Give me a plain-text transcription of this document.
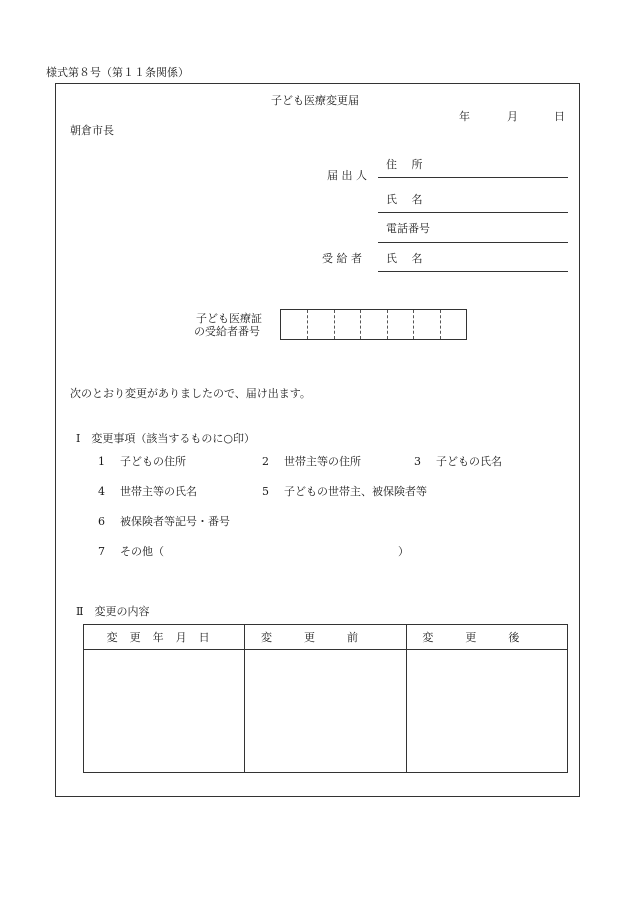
様式第８号（第１１条関係）
子ども医療変更届
年	月	日
朝倉市長
届 出 人
住　 所
氏　 名
電話番号
受 給 者 氏　 名
子ども医療証
の受給者番号
次のとおり変更がありましたので、届け出ます。
Ⅰ　変更事項（該当するものに○印）
1 子どもの住所	2 世帯主等の住所	3 子どもの氏名
4 世帯主等の氏名	5 子どもの世帯主、被保険者等
6 被保険者等記号・番号
7 その他（	）
Ⅱ　変更の内容
変更年月日	変更前	変更後
